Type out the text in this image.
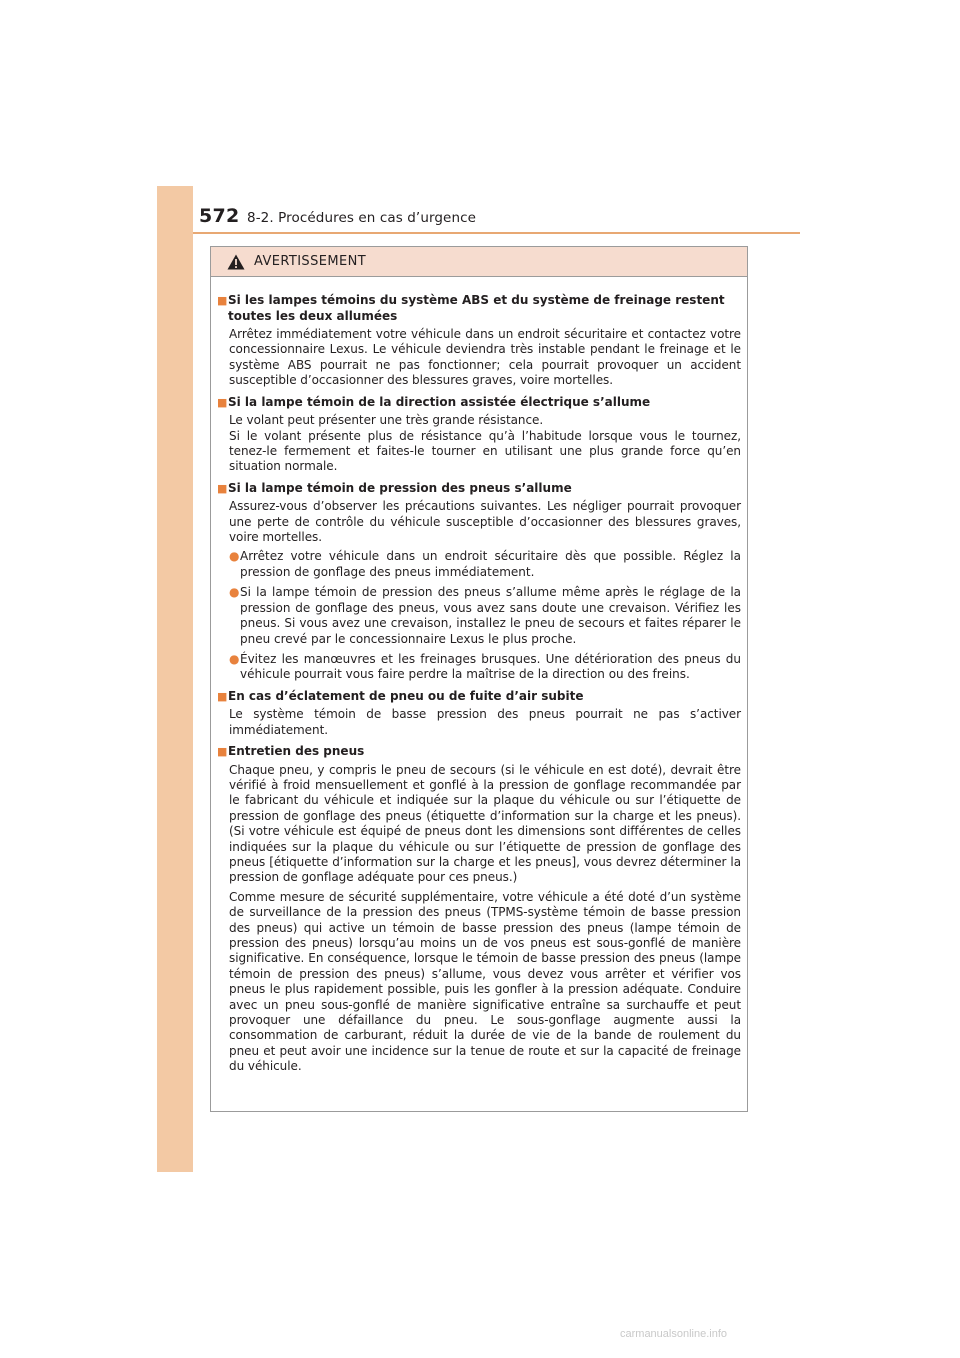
572 8-2. Procédures en cas d’urgence
AVERTISSEMENT
■ Si les lampes témoins du système ABS et du système de freinage restent toutes les deux allumées

Arrêtez immédiatement votre véhicule dans un endroit sécuritaire et contactez votre concessionnaire Lexus. Le véhicule deviendra très instable pendant le freinage et le système ABS pourrait ne pas fonctionner; cela pourrait provoquer un accident susceptible d’occasionner des blessures graves, voire mortelles.

■ Si la lampe témoin de la direction assistée électrique s’allume

Le volant peut présenter une très grande résistance.

Si le volant présente plus de résistance qu’à l’habitude lorsque vous le tournez, tenez-le fermement et faites-le tourner en utilisant une plus grande force qu’en situation normale.

■ Si la lampe témoin de pression des pneus s’allume

Assurez-vous d’observer les précautions suivantes. Les négliger pourrait provoquer une perte de contrôle du véhicule susceptible d’occasionner des blessures graves, voire mortelles.

● Arrêtez votre véhicule dans un endroit sécuritaire dès que possible. Réglez la pression de gonflage des pneus immédiatement.
● Si la lampe témoin de pression des pneus s’allume même après le réglage de la pression de gonflage des pneus, vous avez sans doute une crevaison. Vérifiez les pneus. Si vous avez une crevaison, installez le pneu de secours et faites réparer le pneu crevé par le concessionnaire Lexus le plus proche.
● Évitez les manœuvres et les freinages brusques. Une détérioration des pneus du véhicule pourrait vous faire perdre la maîtrise de la direction ou des freins.
■ En cas d’éclatement de pneu ou de fuite d’air subite

Le système témoin de basse pression des pneus pourrait ne pas s’activer immédiatement.

■ Entretien des pneus

Chaque pneu, y compris le pneu de secours (si le véhicule en est doté), devrait être vérifié à froid mensuellement et gonflé à la pression de gonflage recommandée par le fabricant du véhicule et indiquée sur la plaque du véhicule ou sur l’étiquette de pression de gonflage des pneus (étiquette d’information sur la charge et les pneus). (Si votre véhicule est équipé de pneus dont les dimensions sont différentes de celles indiquées sur la plaque du véhicule ou sur l’étiquette de pression de gonflage des pneus [étiquette d’information sur la charge et les pneus], vous devrez déterminer la pression de gonflage adéquate pour ces pneus.)

Comme mesure de sécurité supplémentaire, votre véhicule a été doté d’un système de surveillance de la pression des pneus (TPMS-système témoin de basse pression des pneus) qui active un témoin de basse pression des pneus (lampe témoin de pression des pneus) lorsqu’au moins un de vos pneus est sous-gonflé de manière significative. En conséquence, lorsque le témoin de basse pression des pneus (lampe témoin de pression des pneus) s’allume, vous devez vous arrêter et vérifier vos pneus le plus rapidement possible, puis les gonfler à la pression adéquate. Conduire avec un pneu sous-gonflé de manière significative entraîne sa surchauffe et peut provoquer une défaillance du pneu. Le sous-gonflage augmente aussi la consommation de carburant, réduit la durée de vie de la bande de roulement du pneu et peut avoir une incidence sur la tenue de route et sur la capacité de freinage du véhicule.

carmanualsonline.info
